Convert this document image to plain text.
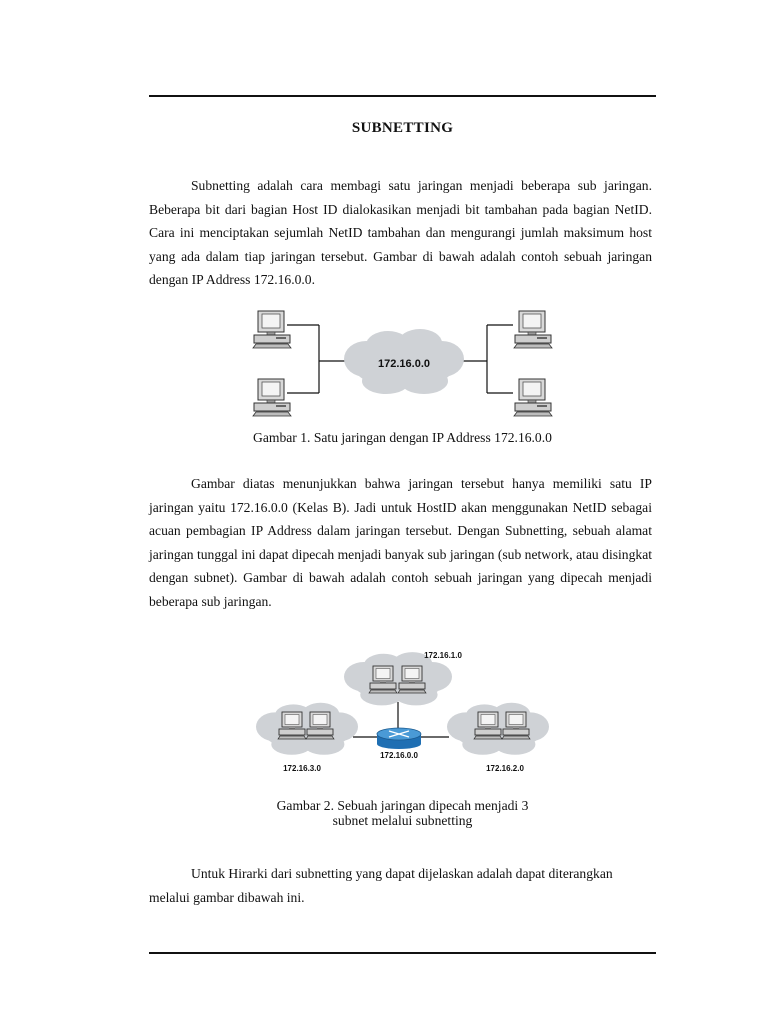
SUBNETTING

Subnetting adalah cara membagi satu jaringan menjadi beberapa sub jaringan. Beberapa bit dari bagian Host ID dialokasikan menjadi bit tambahan pada bagian NetID. Cara ini menciptakan sejumlah NetID tambahan dan mengurangi jumlah maksimum host yang ada dalam tiap jaringan tersebut. Gambar di bawah adalah contoh sebuah jaringan dengan IP Address 172.16.0.0.

172.16.0.0
Gambar 1. Satu jaringan dengan IP Address 172.16.0.0

Gambar diatas menunjukkan bahwa jaringan tersebut hanya memiliki satu IP jaringan yaitu 172.16.0.0 (Kelas B). Jadi untuk HostID akan menggunakan NetID sebagai acuan pembagian IP Address dalam jaringan tersebut. Dengan Subnetting, sebuah alamat jaringan tunggal ini dapat dipecah menjadi banyak sub jaringan (sub network, atau disingkat dengan subnet). Gambar di bawah adalah contoh sebuah jaringan yang dipecah menjadi beberapa sub jaringan.

172.16.1.0
172.16.3.0	172.16.2.0
172.16.0.0
Gambar 2. Sebuah jaringan dipecah menjadi 3
subnet melalui subnetting

Untuk Hirarki dari subnetting yang dapat dijelaskan adalah dapat diterangkan melalui gambar dibawah ini.
